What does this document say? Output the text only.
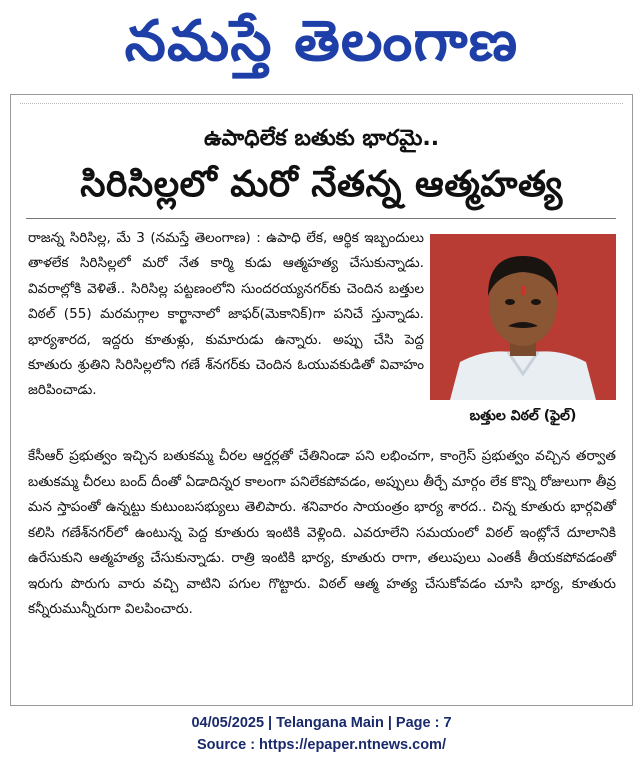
నమస్తే తెలంగాణ
ఉపాధిలేక బతుకు భారమై..
సిరిసిల్లలో మరో నేతన్న ఆత్మహత్య
రాజన్న సిరిసిల్ల, మే 3 (నమస్తే తెలంగాణ) : ఉపాధి లేక, ఆర్థిక ఇబ్బందులు తాళలేక సిరిసిల్లలో మరో నేత కార్మి కుడు ఆత్మహత్య చేసుకున్నాడు. వివరాల్లోకి వెళితే.. సిరిసిల్ల పట్టణంలోని సుందరయ్యనగర్‌కు చెందిన బత్తుల విఠల్ (55) మరమగ్గాల కార్ఖానాలో జాఫర్(మెకానిక్)గా పనిచే స్తున్నాడు. భార్యశారద, ఇద్దరు కూతుళ్లు, కుమారుడు ఉన్నారు. అప్పు చేసి పెద్ద కూతురు శ్రుతిని సిరిసిల్లలోని గణే శ్‌నగర్‌కు చెందిన ఓయువకుడితో వివాహం జరిపించాడు.
బత్తుల విఠల్ (ఫైల్)
కేసీఆర్ ప్రభుత్వం ఇచ్చిన బతుకమ్మ చీరల ఆర్డర్లతో చేతినిండా పని లభించగా, కాంగ్రెస్ ప్రభుత్వం వచ్చిన తర్వాత బతుకమ్మ చీరలు బంద్ దీంతో ఏడాదిన్నర కాలంగా పనిలేకపోవడం, అప్పులు తీర్చే మార్గం లేక కొన్ని రోజులుగా తీవ్ర మన స్తాపంతో ఉన్నట్టు కుటుంబసభ్యులు తెలిపారు. శనివారం సాయంత్రం భార్య శారద.. చిన్న కూతురు భార్గవితో కలిసి గణేశ్‌నగర్‌లో ఉంటున్న పెద్ద కూతురు ఇంటికి వెళ్లింది. ఎవరూలేని సమయంలో విఠల్ ఇంట్లోనే దూలానికి ఉరేసుకుని ఆత్మహత్య చేసుకున్నాడు. రాత్రి ఇంటికి భార్య, కూతురు రాగా, తలుపులు ఎంతకీ తీయకపోవడంతో ఇరుగు పొరుగు వారు వచ్చి వాటిని పగుల గొట్టారు. విఠల్ ఆత్మ హత్య చేసుకోవడం చూసి భార్య, కూతురు కన్నీరుమున్నీరుగా విలపించారు.
04/05/2025 | Telangana Main | Page : 7
Source : https://epaper.ntnews.com/
